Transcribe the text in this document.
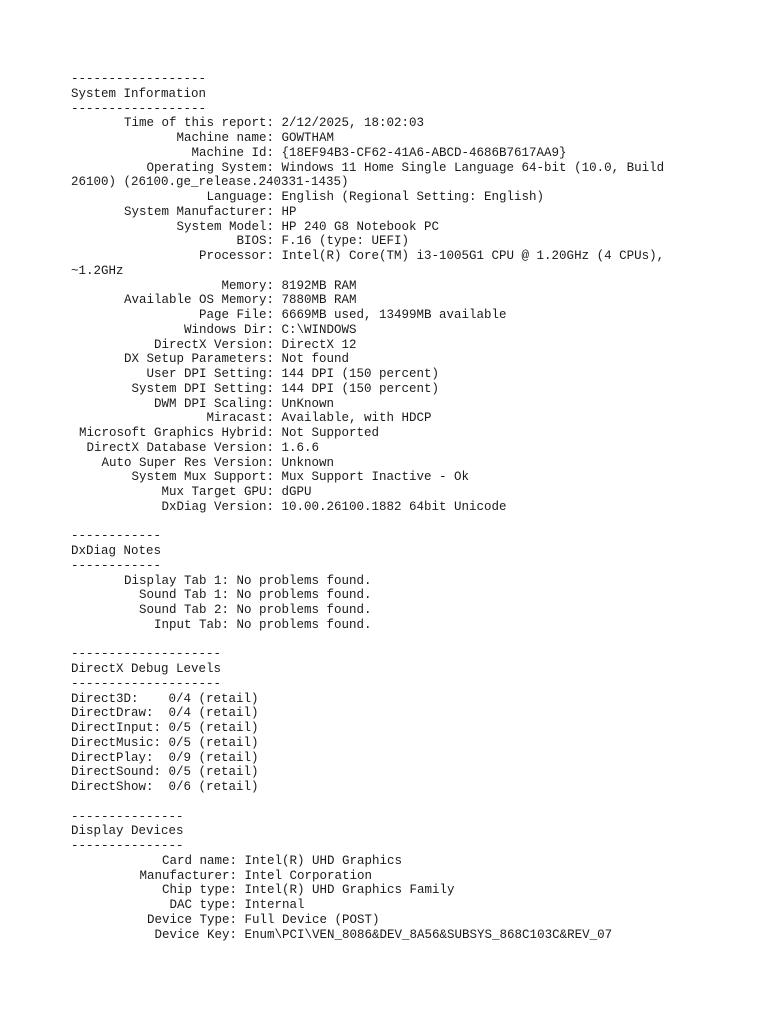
------------------
System Information
------------------
Time of this report:
2/12/2025, 18:02:03
Machine name:
GOWTHAM
Machine Id:
{18EF94B3-CF62-41A6-ABCD-4686B7617AA9}
Operating System:
Windows 11 Home Single Language 64-bit (10.0, Build
26100) (26100.ge_release.240331-1435)
Language:
English (Regional Setting: English)
System Manufacturer:
HP
System Model:
HP 240 G8 Notebook PC
BIOS:
F.16 (type: UEFI)
Processor:
Intel(R) Core(TM) i3-1005G1 CPU @ 1.20GHz (4 CPUs),
~1.2GHz
Memory:
8192MB RAM
Available OS Memory:
7880MB RAM
Page File:
6669MB used, 13499MB available
Windows Dir:
C:\WINDOWS
DirectX Version:
DirectX 12
DX Setup Parameters:
Not found
User DPI Setting:
144 DPI (150 percent)
System DPI Setting:
144 DPI (150 percent)
DWM DPI Scaling:
UnKnown
Miracast:
Available, with HDCP
Microsoft Graphics Hybrid:
Not Supported
DirectX Database Version:
1.6.6
Auto Super Res Version:
Unknown
System Mux Support:
Mux Support Inactive - Ok
Mux Target GPU:
dGPU
DxDiag Version:
10.00.26100.1882 64bit Unicode
------------
DxDiag Notes
------------
Display Tab 1:
No problems found.
Sound Tab 1:
No problems found.
Sound Tab 2:
No problems found.
Input Tab:
No problems found.
--------------------
DirectX Debug Levels
--------------------
Direct3D: 0/4 (retail)
DirectDraw: 0/4 (retail)
DirectInput: 0/5 (retail)
DirectMusic: 0/5 (retail)
DirectPlay: 0/9 (retail)
DirectSound: 0/5 (retail)
DirectShow: 0/6 (retail)
---------------
Display Devices
---------------
Card name:
Intel(R) UHD Graphics
Manufacturer:
Intel Corporation
Chip type:
Intel(R) UHD Graphics Family
DAC type:
Internal
Device Type:
Full Device (POST)
Device Key:
Enum\PCI\VEN_8086&DEV_8A56&SUBSYS_868C103C&REV_07
